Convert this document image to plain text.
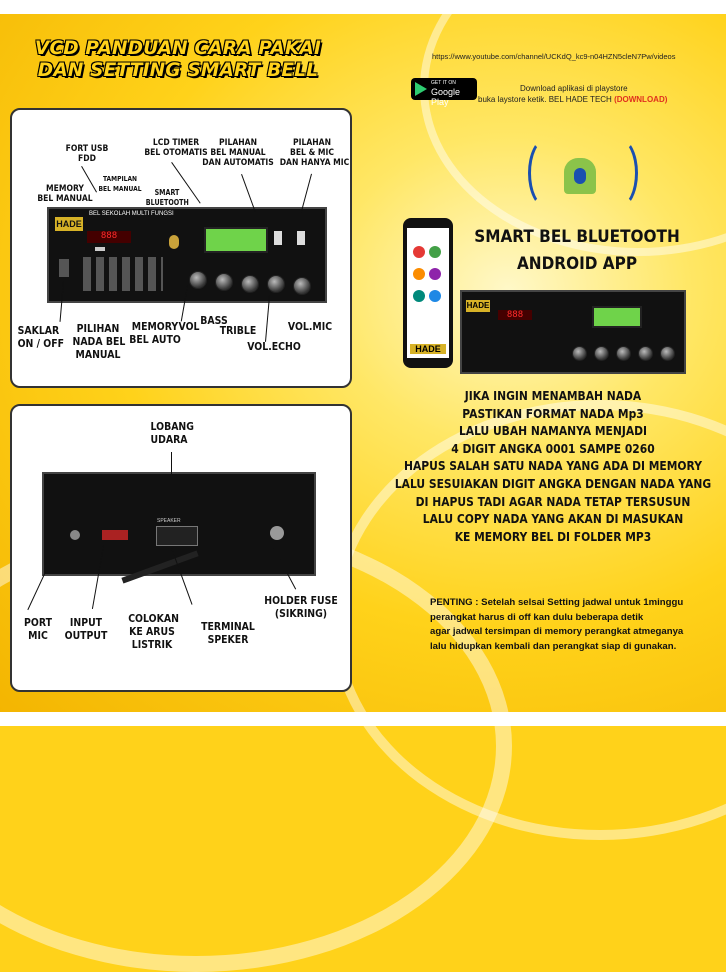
VCD PANDUAN CARA PAKAI
DAN SETTING SMART BELL
https://www.youtube.com/channel/UCKdQ_kc9-n04HZN5cleN7Pw/videos
GET IT ON
Google Play
Download aplikasi di playstore
buka laystore ketik. BEL HADE TECH (DOWNLOAD)
HADE
BEL SEKOLAH MULTI FUNGSI
888
FORT USB
FDD
MEMORY
BEL MANUAL
TAMPILAN
BEL MANUAL
LCD TIMER
BEL OTOMATIS
SMART
BLUETOOTH
PILAHAN
BEL MANUAL
DAN AUTOMATIS
PILAHAN
BEL & MIC
DAN HANYA MIC
SAKLAR
ON / OFF
PILIHAN
NADA BEL
MANUAL
MEMORY
BEL AUTO
VOL BASS
TRIBLE
VOL.ECHO
VOL.MIC
SPEAKER
LOBANG
UDARA
PORT
MIC
INPUT
OUTPUT
COLOKAN
KE ARUS
LISTRIK
TERMINAL
SPEKER
HOLDER FUSE
(SIKRING)
HADE
SMART BEL BLUETOOTH
ANDROID APP
HADE
888
JIKA INGIN MENAMBAH NADA
PASTIKAN FORMAT NADA Mp3
LALU UBAH NAMANYA MENJADI
4 DIGIT ANGKA 0001 SAMPE 0260
HAPUS SALAH SATU NADA YANG ADA DI MEMORY
LALU SESUIAKAN DIGIT ANGKA DENGAN NADA YANG
DI HAPUS TADI AGAR NADA TETAP TERSUSUN
LALU COPY NADA YANG AKAN DI MASUKAN
KE MEMORY BEL DI FOLDER MP3
PENTING : Setelah selsai Setting jadwal untuk 1minggu
perangkat harus di off kan dulu beberapa detik
agar jadwal tersimpan di memory perangkat atmeganya
lalu hidupkan kembali dan perangkat siap di gunakan.
